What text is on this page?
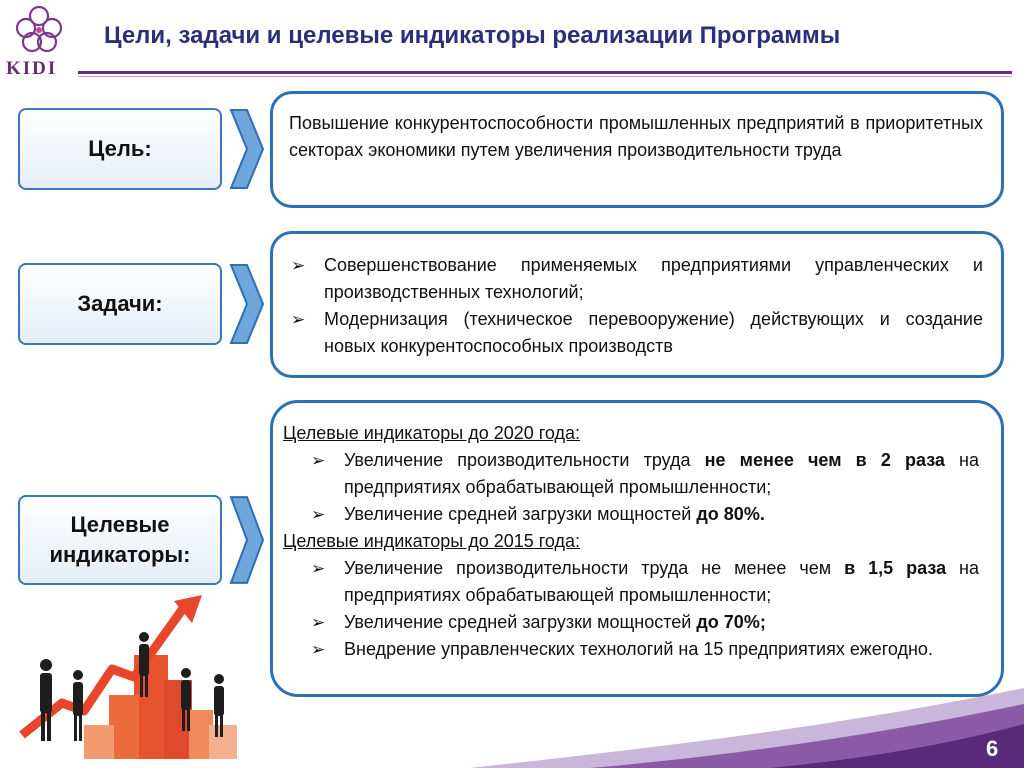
KIDI
Цели, задачи и целевые индикаторы реализации Программы
Цель:
Повышение конкурентоспособности промышленных предприятий в приоритетных секторах экономики путем увеличения производительности труда
Задачи:
➢	Совершенствование применяемых предприятиями управленческих и производственных технологий;
➢	Модернизация (техническое перевооружение) действующих и создание новых конкурентоспособных производств
Целевые
индикаторы:
Целевые индикаторы до 2020 года:
➢	Увеличение производительности труда не менее чем в 2 раза на предприятиях обрабатывающей промышленности;
➢	Увеличение средней загрузки мощностей до 80%.
Целевые индикаторы до 2015 года:
➢	Увеличение производительности труда не менее чем в 1,5 раза на предприятиях обрабатывающей промышленности;
➢	Увеличение средней загрузки мощностей до 70%;
➢	Внедрение управленческих технологий на 15 предприятиях ежегодно.
6
